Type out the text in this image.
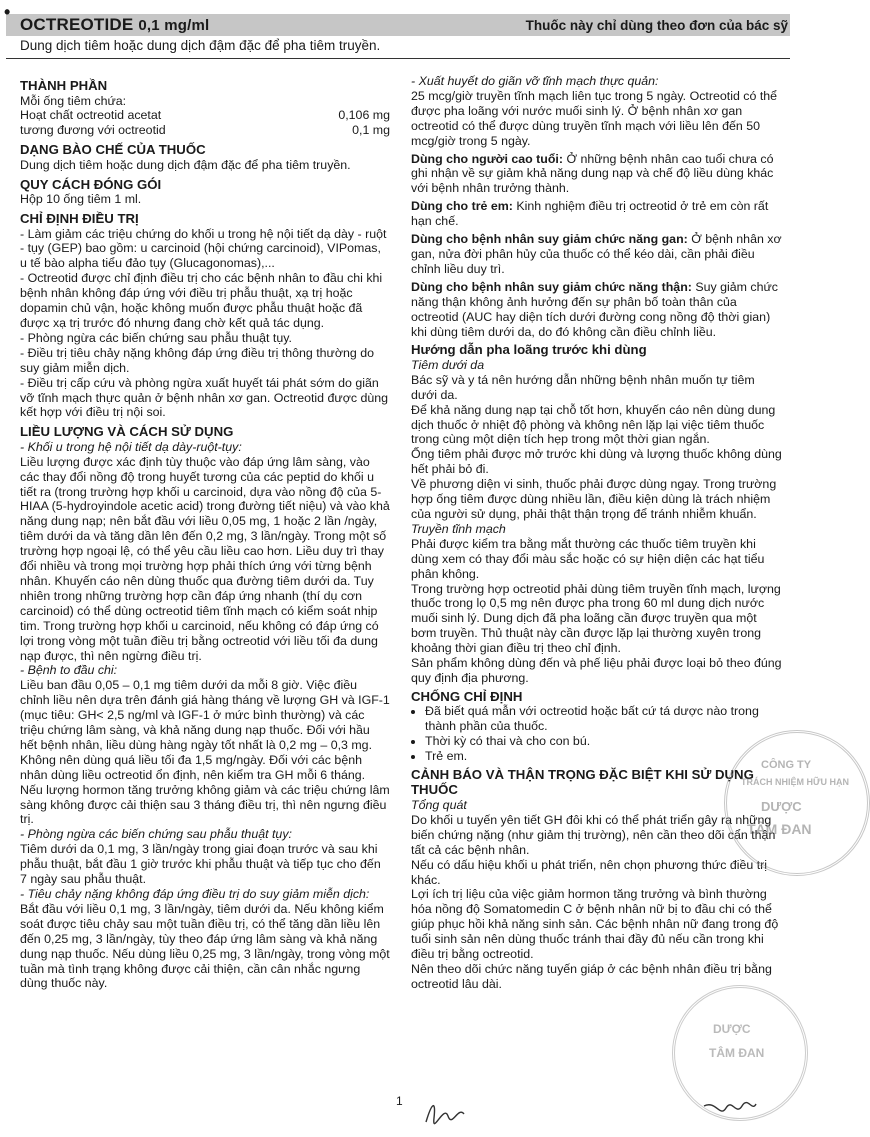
•
OCTREOTIDE 0,1 mg/ml
Dung dịch tiêm hoặc dung dịch đậm đặc để pha tiêm truyền.
Thuốc này chỉ dùng theo đơn của bác sỹ
THÀNH PHẦN

Mỗi ống tiêm chứa:

Hoạt chất octreotid acetat	0,106 mg
tương đương với octreotid	0,1 mg
DẠNG BÀO CHẾ CỦA THUỐC

Dung dịch tiêm hoặc dung dịch đậm đặc để pha tiêm truyền.

QUY CÁCH ĐÓNG GÓI

Hộp 10 ống tiêm 1 ml.

CHỈ ĐỊNH ĐIỀU TRỊ

- Làm giảm các triệu chứng do khối u trong hệ nội tiết dạ dày - ruột - tụy (GEP) bao gồm: u carcinoid (hội chứng carcinoid), VIPomas, u tế bào alpha tiểu đảo tụy (Glucagonomas),...

- Octreotid được chỉ định điều trị cho các bệnh nhân to đầu chi khi bệnh nhân không đáp ứng với điều trị phẫu thuật, xạ trị hoặc dopamin chủ vận, hoặc không muốn được phẫu thuật hoặc đã được xạ trị trước đó nhưng đang chờ kết quả tác dụng.

- Phòng ngừa các biến chứng sau phẫu thuật tụy.

- Điều trị tiêu chảy nặng không đáp ứng điều trị thông thường do suy giảm miễn dịch.

- Điều trị cấp cứu và phòng ngừa xuất huyết tái phát sớm do giãn vỡ tĩnh mạch thực quản ở bệnh nhân xơ gan. Octreotid được dùng kết hợp với điều trị nội soi.

LIỀU LƯỢNG VÀ CÁCH SỬ DỤNG

- Khối u trong hệ nội tiết dạ dày-ruột-tụy:

Liều lượng được xác định tùy thuộc vào đáp ứng lâm sàng, vào các thay đổi nồng độ trong huyết tương của các peptid do khối u tiết ra (trong trường hợp khối u carcinoid, dựa vào nồng độ của 5-HIAA (5-hydroyindole acetic acid) trong đường tiết niệu) và vào khả năng dung nạp; nên bắt đầu với liều 0,05 mg, 1 hoặc 2 lần /ngày, tiêm dưới da và tăng dần lên đến 0,2 mg, 3 lần/ngày. Trong một số trường hợp ngoại lệ, có thể yêu cầu liều cao hơn. Liều duy trì thay đổi nhiều và trong mọi trường hợp phải thích ứng với từng bệnh nhân. Khuyến cáo nên dùng thuốc qua đường tiêm dưới da. Tuy nhiên trong những trường hợp cần đáp ứng nhanh (thí dụ cơn carcinoid) có thể dùng octreotid tiêm tĩnh mạch có kiểm soát nhịp tim. Trong trường hợp khối u carcinoid, nếu không có đáp ứng có lợi trong vòng một tuần điều trị bằng octreotid với liều tối đa dung nạp được, thì nên ngừng điều trị.

- Bệnh to đầu chi:

Liều ban đầu 0,05 – 0,1 mg tiêm dưới da mỗi 8 giờ. Việc điều chỉnh liều nên dựa trên đánh giá hàng tháng về lượng GH và IGF-1 (mục tiêu: GH< 2,5 ng/ml và IGF-1 ở mức bình thường) và các triệu chứng lâm sàng, và khả năng dung nạp thuốc. Đối với hầu hết bệnh nhân, liều dùng hàng ngày tốt nhất là 0,2 mg – 0,3 mg. Không nên dùng quá liều tối đa 1,5 mg/ngày. Đối với các bệnh nhân dùng liều octreotid ổn định, nên kiểm tra GH mỗi 6 tháng. Nếu lượng hormon tăng trưởng không giảm và các triệu chứng lâm sàng không được cải thiện sau 3 tháng điều trị, thì nên ngưng điều trị.

- Phòng ngừa các biến chứng sau phẫu thuật tụy:

Tiêm dưới da 0,1 mg, 3 lần/ngày trong giai đoạn trước và sau khi phẫu thuật, bắt đầu 1 giờ trước khi phẫu thuật và tiếp tục cho đến 7 ngày sau phẫu thuật.

- Tiêu chảy nặng không đáp ứng điều trị do suy giảm miễn dịch:

Bắt đầu với liều 0,1 mg, 3 lần/ngày, tiêm dưới da. Nếu không kiểm soát được tiêu chảy sau một tuần điều trị, có thể tăng dần liều lên đến 0,25 mg, 3 lần/ngày, tùy theo đáp ứng lâm sàng và khả năng dung nạp thuốc. Nếu dùng liều 0,25 mg, 3 lần/ngày, trong vòng một tuần mà tình trạng không được cải thiện, cần cân nhắc ngưng dùng thuốc này.

- Xuất huyết do giãn vỡ tĩnh mạch thực quản:

25 mcg/giờ truyền tĩnh mạch liên tục trong 5 ngày. Octreotid có thể được pha loãng với nước muối sinh lý. Ở bệnh nhân xơ gan octreotid có thể được dùng truyền tĩnh mạch với liều lên đến 50 mcg/giờ trong 5 ngày.

Dùng cho người cao tuổi: Ở những bệnh nhân cao tuổi chưa có ghi nhận về sự giảm khả năng dung nạp và chế độ liều dùng khác với bệnh nhân trưởng thành.

Dùng cho trẻ em: Kinh nghiệm điều trị octreotid ở trẻ em còn rất hạn chế.

Dùng cho bệnh nhân suy giảm chức năng gan: Ở bệnh nhân xơ gan, nửa đời phân hủy của thuốc có thể kéo dài, cần phải điều chỉnh liều duy trì.

Dùng cho bệnh nhân suy giảm chức năng thận: Suy giảm chức năng thận không ảnh hưởng đến sự phân bố toàn thân của octreotid (AUC hay diện tích dưới đường cong nồng độ thời gian) khi dùng tiêm dưới da, do đó không cần điều chỉnh liều.

Hướng dẫn pha loãng trước khi dùng

Tiêm dưới da

Bác sỹ và y tá nên hướng dẫn những bệnh nhân muốn tự tiêm dưới da.

Để khả năng dung nạp tại chỗ tốt hơn, khuyến cáo nên dùng dung dịch thuốc ở nhiệt độ phòng và không nên lặp lại việc tiêm thuốc trong cùng một diện tích hẹp trong một thời gian ngắn.

Ống tiêm phải được mở trước khi dùng và lượng thuốc không dùng hết phải bỏ đi.

Về phương diện vi sinh, thuốc phải được dùng ngay. Trong trường hợp ống tiêm được dùng nhiều lần, điều kiện dùng là trách nhiệm của người sử dụng, phải thật thận trọng để tránh nhiễm khuẩn.

Truyền tĩnh mạch

Phải được kiểm tra bằng mắt thường các thuốc tiêm truyền khi dùng xem có thay đổi màu sắc hoặc có sự hiện diện các hạt tiểu phân không.

Trong trường hợp octreotid phải dùng tiêm truyền tĩnh mạch, lượng thuốc trong lọ 0,5 mg nên được pha trong 60 ml dung dịch nước muối sinh lý. Dung dịch đã pha loãng cần được truyền qua một bơm truyền. Thủ thuật này cần được lặp lại thường xuyên trong khoảng thời gian điều trị theo chỉ định.

Sản phẩm không dùng đến và phế liệu phải được loại bỏ theo đúng quy định địa phương.

CHỐNG CHỈ ĐỊNH
• Đã biết quá mẫn với octreotid hoặc bất cứ tá dược nào trong thành phần của thuốc.
• Thời kỳ có thai và cho con bú.
• Trẻ em.
CẢNH BÁO VÀ THẬN TRỌNG ĐẶC BIỆT KHI SỬ DỤNG THUỐC

Tổng quát

Do khối u tuyến yên tiết GH đôi khi có thể phát triển gây ra những biến chứng nặng (như giảm thị trường), nên cần theo dõi cẩn thận tất cả các bệnh nhân.

Nếu có dấu hiệu khối u phát triển, nên chọn phương thức điều trị khác.

Lợi ích trị liệu của việc giảm hormon tăng trưởng và bình thường hóa nồng độ Somatomedin C ở bệnh nhân nữ bị to đầu chi có thể giúp phục hồi khả năng sinh sản. Các bệnh nhân nữ đang trong độ tuổi sinh sản nên dùng thuốc tránh thai đầy đủ nếu cần trong khi điều trị bằng octreotid.

Nên theo dõi chức năng tuyến giáp ở các bệnh nhân điều trị bằng octreotid lâu dài.

CÔNG TY
TRÁCH NHIỆM HỮU HẠN
DƯỢC
TÂM ĐAN
DƯỢC
TÂM ĐAN
1
